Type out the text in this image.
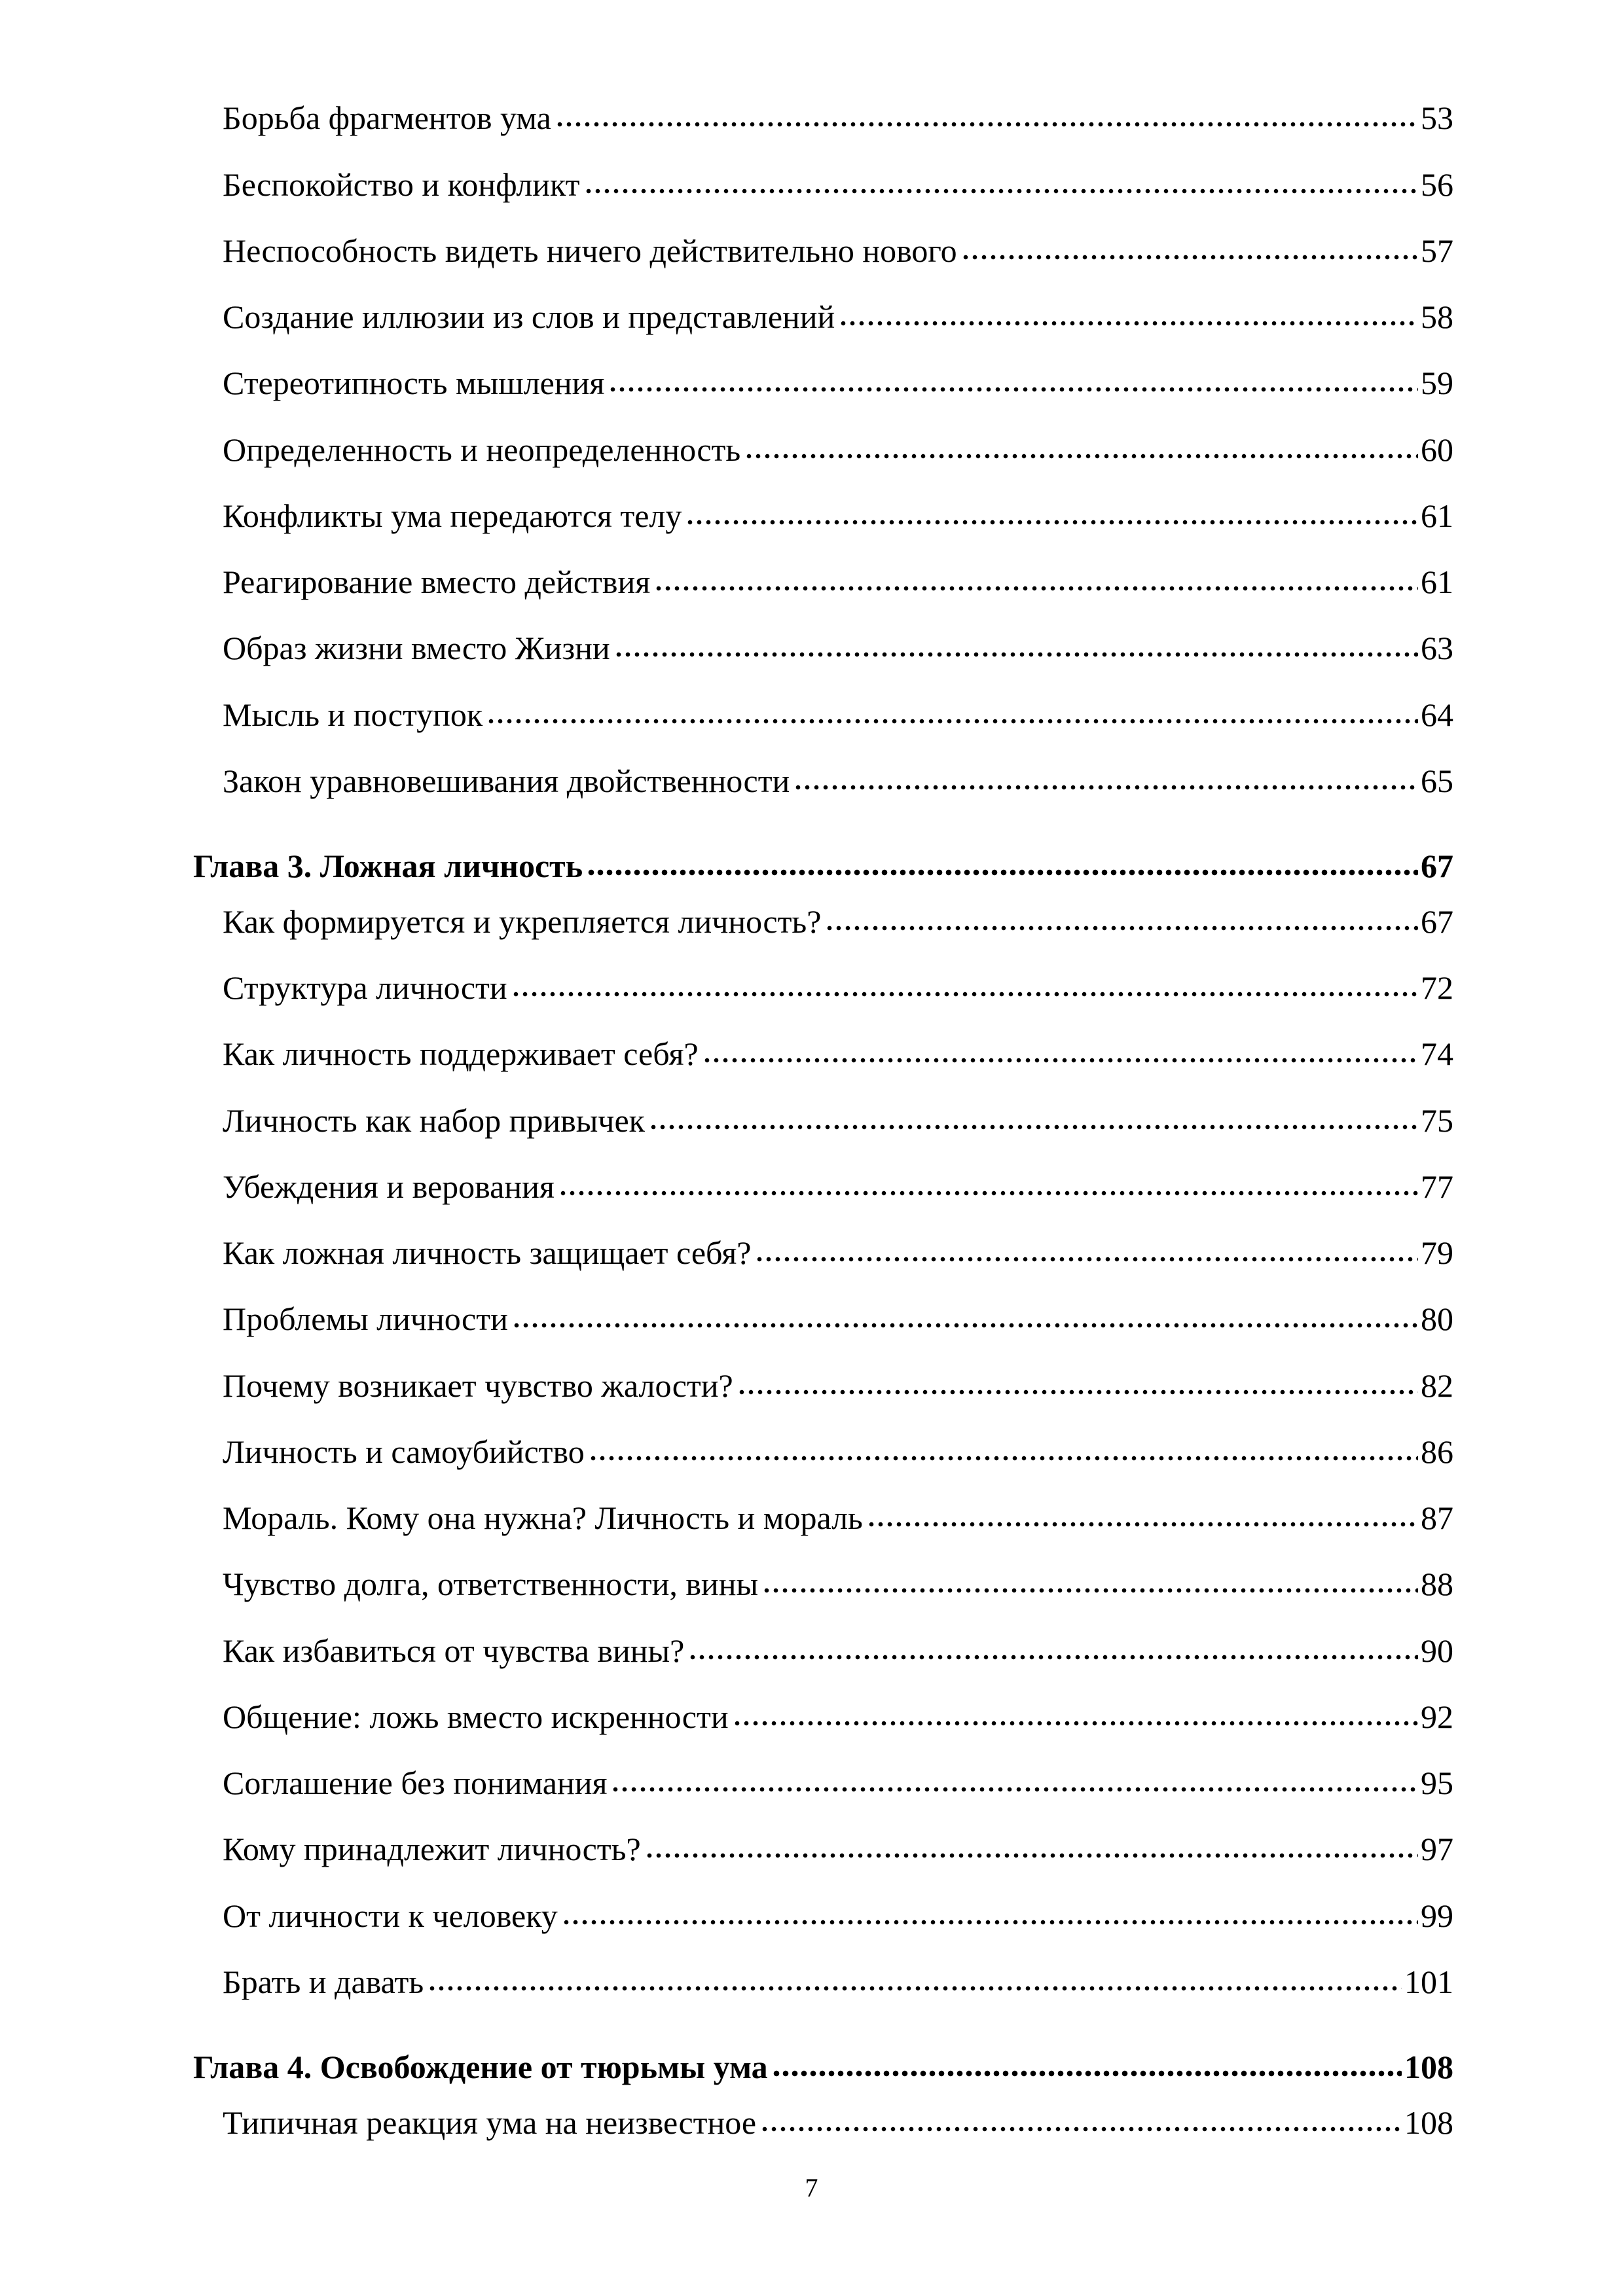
Борьба фрагментов ума	53
Беспокойство и конфликт	56
Неспособность видеть ничего действительно нового	57
Создание иллюзии из слов и представлений	58
Стереотипность мышления	59
Определенность и неопределенность	60
Конфликты ума передаются телу	61
Реагирование вместо действия	61
Образ жизни вместо Жизни	63
Мысль и поступок	64
Закон уравновешивания двойственности	65
Глава 3. Ложная личность	67
Как формируется и укрепляется личность?	67
Структура личности	72
Как личность поддерживает себя?	74
Личность как набор привычек	75
Убеждения и верования	77
Как ложная личность защищает себя?	79
Проблемы личности	80
Почему возникает чувство жалости?	82
Личность и самоубийство	86
Мораль. Кому она нужна? Личность и мораль	87
Чувство долга, ответственности, вины	88
Как избавиться от чувства вины?	90
Общение: ложь вместо искренности	92
Соглашение без понимания	95
Кому принадлежит личность?	97
От личности к человеку	99
Брать и давать	101
Глава 4. Освобождение от тюрьмы ума	108
Типичная реакция ума на неизвестное	108
7
